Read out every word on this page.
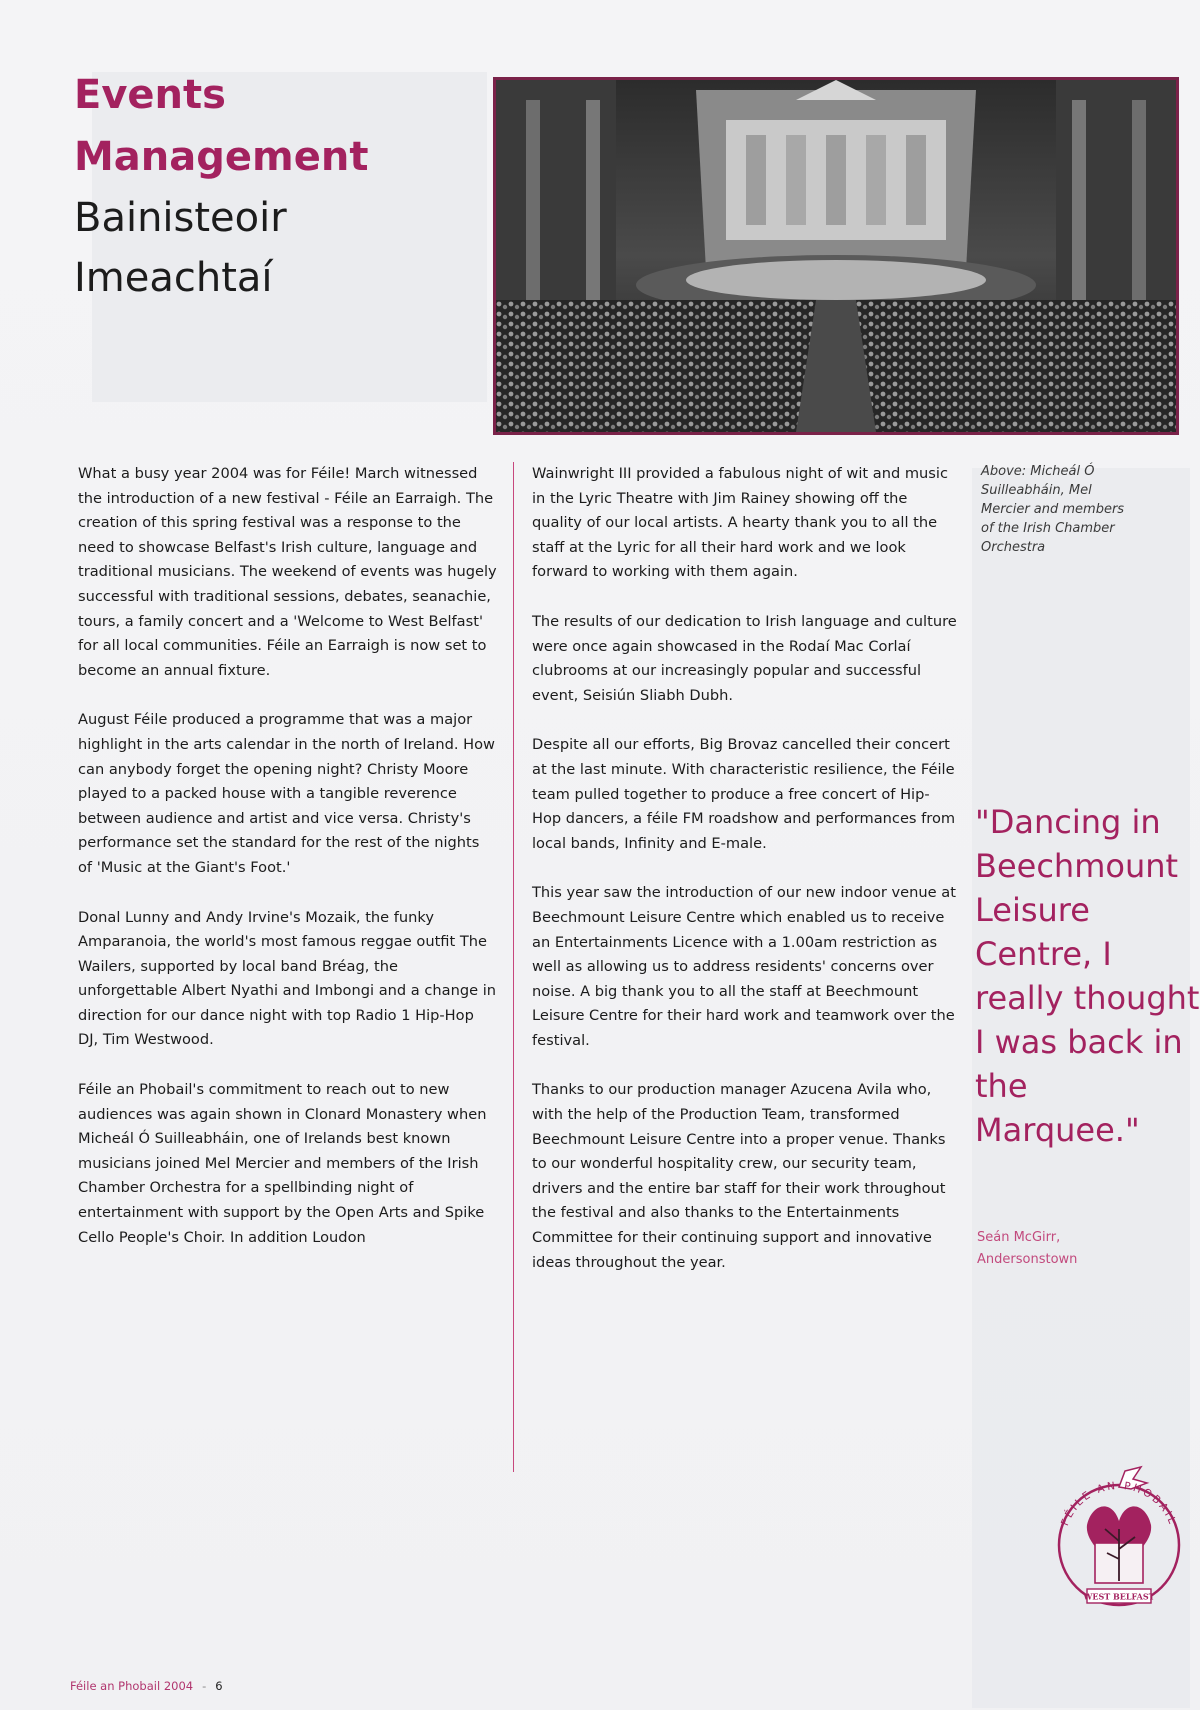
Events

Management

Bainisteoir

Imeachtaí

What a busy year 2004 was for Féile! March witnessed the introduction of a new festival - Féile an Earraigh. The creation of this spring festival was a response to the need to showcase Belfast's Irish culture, language and traditional musicians. The weekend of events was hugely successful with traditional sessions, debates, seanachie, tours, a family concert and a 'Welcome to West Belfast' for all local communities. Féile an Earraigh is now set to become an annual fixture.

August Féile produced a programme that was a major highlight in the arts calendar in the north of Ireland. How can anybody forget the opening night? Christy Moore played to a packed house with a tangible reverence between audience and artist and vice versa. Christy's performance set the standard for the rest of the nights of 'Music at the Giant's Foot.'

Donal Lunny and Andy Irvine's Mozaik, the funky Amparanoia, the world's most famous reggae outfit The Wailers, supported by local band Bréag, the unforgettable Albert Nyathi and Imbongi and a change in direction for our dance night with top Radio 1 Hip-Hop DJ, Tim Westwood.

Féile an Phobail's commitment to reach out to new audiences was again shown in Clonard Monastery when Micheál Ó Suilleabháin, one of Irelands best known musicians joined Mel Mercier and members of the Irish Chamber Orchestra for a spellbinding night of entertainment with support by the Open Arts and Spike Cello People's Choir. In addition Loudon

Wainwright III provided a fabulous night of wit and music in the Lyric Theatre with Jim Rainey showing off the quality of our local artists. A hearty thank you to all the staff at the Lyric for all their hard work and we look forward to working with them again.

The results of our dedication to Irish language and culture were once again showcased in the Rodaí Mac Corlaí clubrooms at our increasingly popular and successful event, Seisiún Sliabh Dubh.

Despite all our efforts, Big Brovaz cancelled their concert at the last minute. With characteristic resilience, the Féile team pulled together to produce a free concert of Hip-Hop dancers, a féile FM roadshow and performances from local bands, Infinity and E-male.

This year saw the introduction of our new indoor venue at Beechmount Leisure Centre which enabled us to receive an Entertainments Licence with a 1.00am restriction as well as allowing us to address residents' concerns over noise. A big thank you to all the staff at Beechmount Leisure Centre for their hard work and teamwork over the festival.

Thanks to our production manager Azucena Avila who, with the help of the Production Team, transformed Beechmount Leisure Centre into a proper venue. Thanks to our wonderful hospitality crew, our security team, drivers and the entire bar staff for their work throughout the festival and also thanks to the Entertainments Committee for their continuing support and innovative ideas throughout the year.

Above: Micheál Ó Suilleabháin, Mel Mercier and members of the Irish Chamber Orchestra
"Dancing in Beechmount Leisure Centre, I really thought I was back in the Marquee."
Seán McGirr,
Andersonstown
FÉILE AN PHOBAIL
WEST BELFAST
Féile an Phobail 2004 - 6
